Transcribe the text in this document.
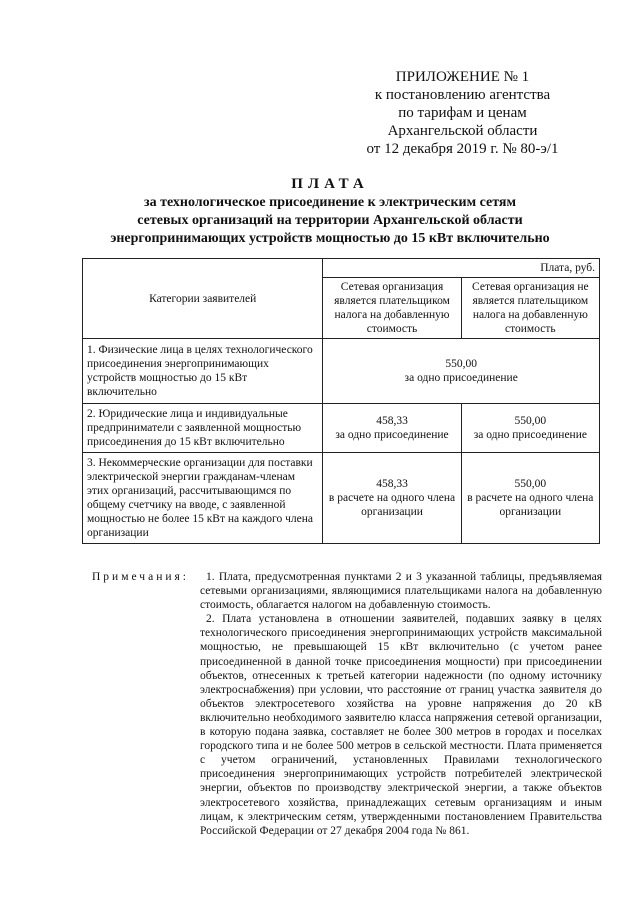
ПРИЛОЖЕНИЕ № 1
к постановлению агентства
по тарифам и ценам
Архангельской области
от 12 декабря 2019 г. № 80-э/1
ПЛАТА
за технологическое присоединение к электрическим сетям
сетевых организаций на территории Архангельской области
энергопринимающих устройств мощностью до 15 кВт включительно
Категории заявителей	Плата, руб.	
	Сетевая организация является плательщиком налога на добавленную стоимость	Сетевая организация не является плательщиком налога на добавленную стоимость
1. Физические лица в целях технологического присоединения энергопринимающих устройств мощностью до 15 кВт включительно	550,00
за одно присоединение	

2. Юридические лица и индивидуальные предприниматели с заявленной мощностью присоединения до 15 кВт включительно	458,33
за одно присоединение	550,00
за одно присоединение

3. Некоммерческие организации для поставки электрической энергии гражданам-членам этих организаций, рассчитывающимся по общему счетчику на вводе, с заявленной мощностью не более 15 кВт на каждого члена организации	458,33
в расчете на одного члена организации	550,00
в расчете на одного члена организации
Примечания:	1. Плата, предусмотренная пунктами 2 и 3 указанной таблицы, предъявляемая сетевыми организациями, являющимися плательщиками налога на добавленную стоимость, облагается налогом на добавленную стоимость.

2. Плата установлена в отношении заявителей, подавших заявку в целях технологического присоединения энергопринимающих устройств максимальной мощностью, не превышающей 15 кВт включительно (с учетом ранее присоединенной в данной точке присоединения мощности) при присоединении объектов, отнесенных к третьей категории надежности (по одному источнику электроснабжения) при условии, что расстояние от границ участка заявителя до объектов электросетевого хозяйства на уровне напряжения до 20 кВ включительно необходимого заявителю класса напряжения сетевой организации, в которую подана заявка, составляет не более 300 метров в городах и поселках городского типа и не более 500 метров в сельской местности. Плата применяется с учетом ограничений, установленных Правилами технологического присоединения энергопринимающих устройств потребителей электрической энергии, объектов по производству электрической энергии, а также объектов электросетевого хозяйства, принадлежащих сетевым организациям и иным лицам, к электрическим сетям, утвержденными постановлением Правительства Российской Федерации от 27 декабря 2004 года № 861.
